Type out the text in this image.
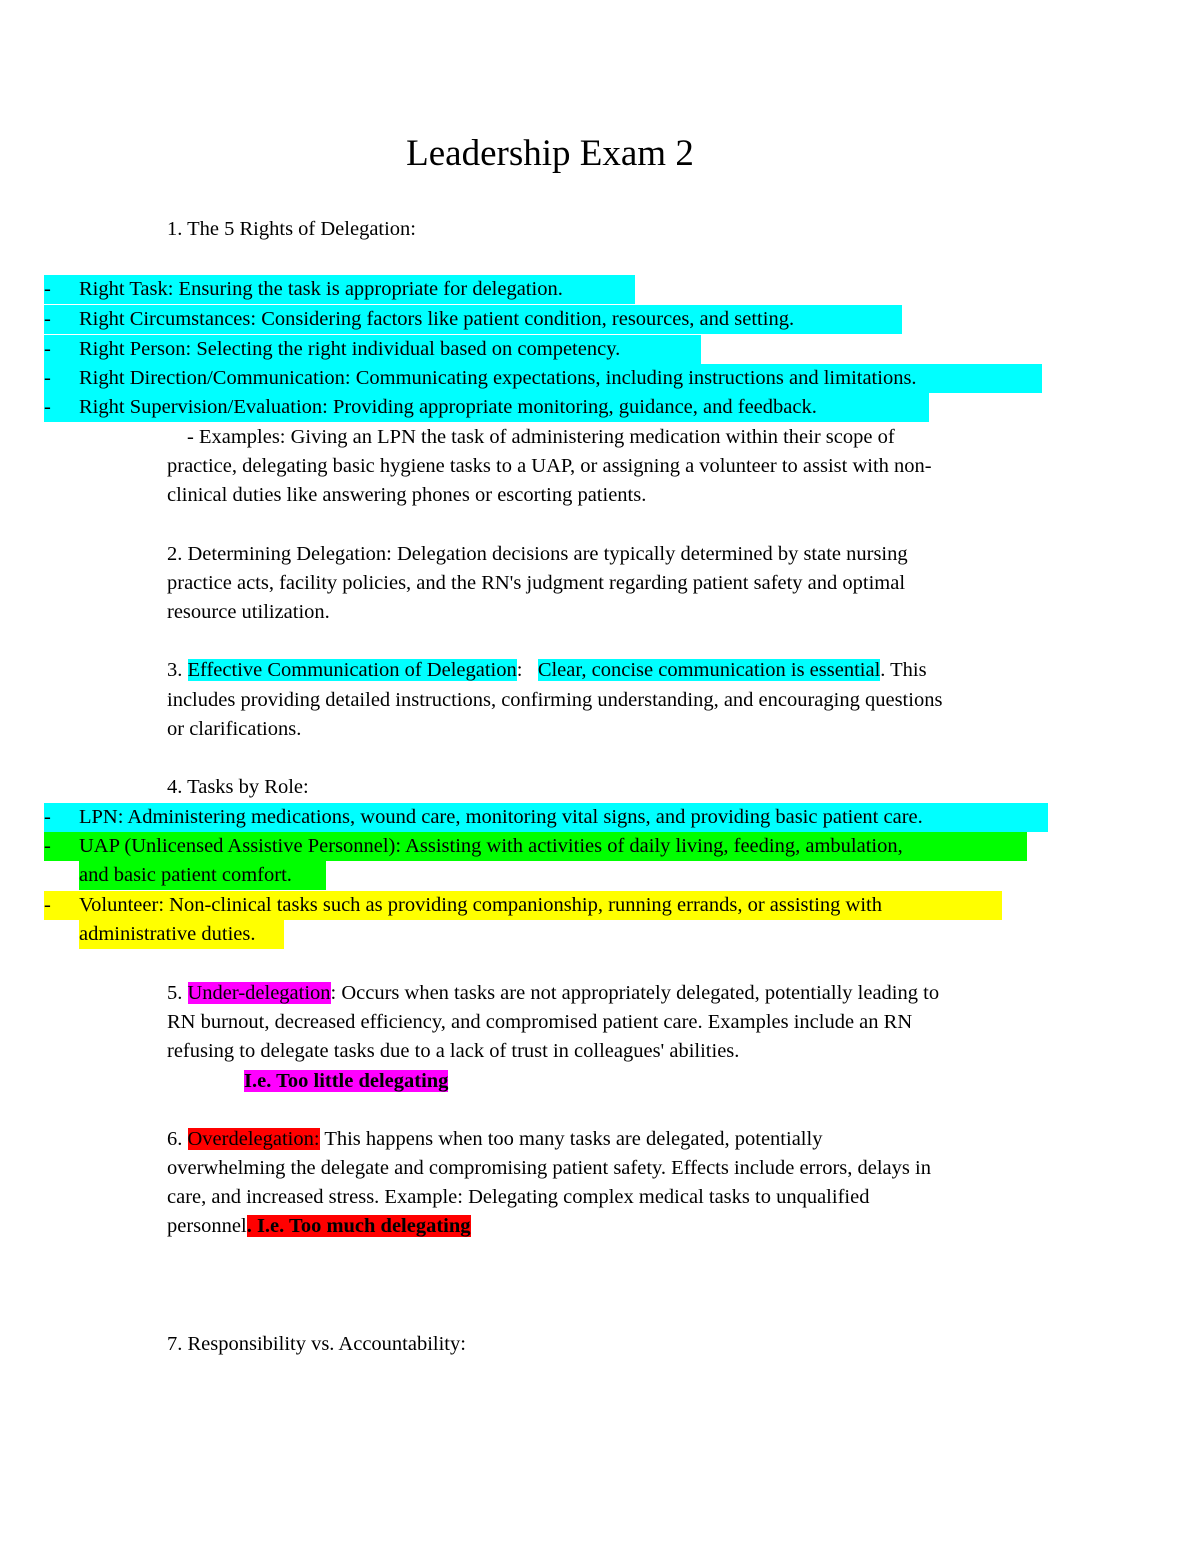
Leadership Exam 2
1. The 5 Rights of Delegation:
- Right Task: Ensuring the task is appropriate for delegation.
- Right Circumstances: Considering factors like patient condition, resources, and setting.
- Right Person: Selecting the right individual based on competency.
- Right Direction/Communication: Communicating expectations, including instructions and limitations.
- Right Supervision/Evaluation: Providing appropriate monitoring, guidance, and feedback.
- Examples: Giving an LPN the task of administering medication within their scope of
practice, delegating basic hygiene tasks to a UAP, or assigning a volunteer to assist with non-
clinical duties like answering phones or escorting patients.
2. Determining Delegation: Delegation decisions are typically determined by state nursing
practice acts, facility policies, and the RN's judgment regarding patient safety and optimal
resource utilization.
3. Effective Communication of Delegation: Clear, concise communication is essential. This
includes providing detailed instructions, confirming understanding, and encouraging questions
or clarifications.
4. Tasks by Role:
- LPN: Administering medications, wound care, monitoring vital signs, and providing basic patient care.
- UAP (Unlicensed Assistive Personnel): Assisting with activities of daily living, feeding, ambulation,
and basic patient comfort.
- Volunteer: Non-clinical tasks such as providing companionship, running errands, or assisting with
administrative duties.
5. Under-delegation: Occurs when tasks are not appropriately delegated, potentially leading to
RN burnout, decreased efficiency, and compromised patient care. Examples include an RN
refusing to delegate tasks due to a lack of trust in colleagues' abilities.
I.e. Too little delegating
6. Overdelegation: This happens when too many tasks are delegated, potentially
overwhelming the delegate and compromising patient safety. Effects include errors, delays in
care, and increased stress. Example: Delegating complex medical tasks to unqualified
personnel. I.e. Too much delegating
7. Responsibility vs. Accountability:
